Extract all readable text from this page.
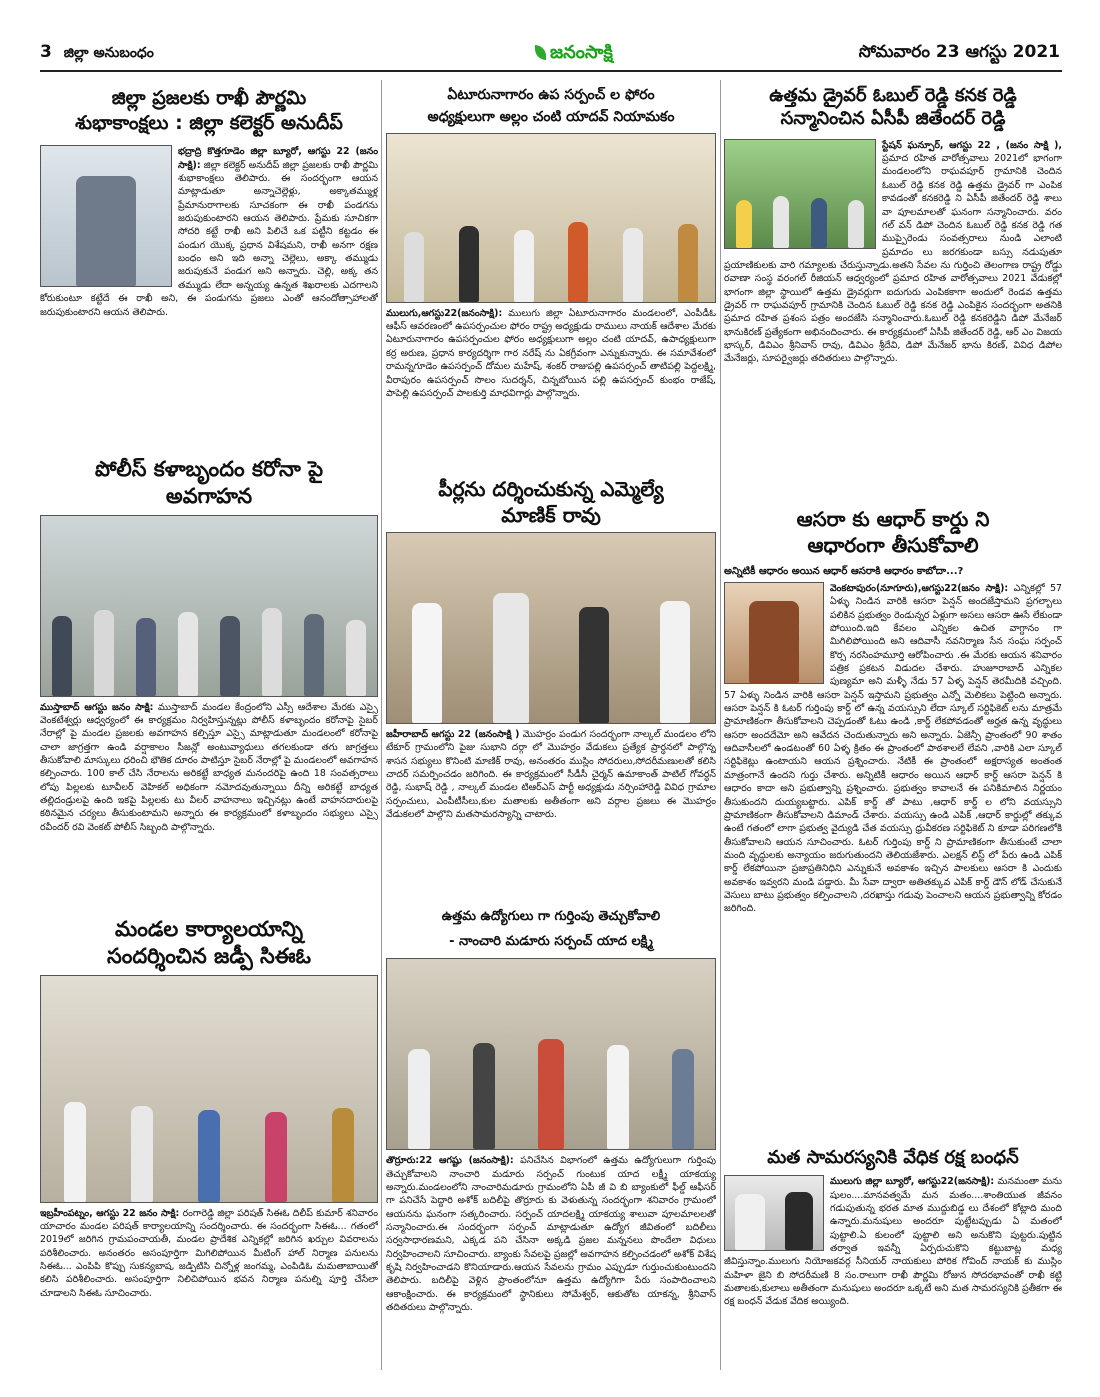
3 జిల్లా అనుబంధం	జనంసాక్షి	సోమవారం 23 ఆగస్టు 2021
జిల్లా ప్రజలకు రాఖీ పౌర్ణమి
శుభాకాంక్షలు : జిల్లా కలెక్టర్ అనుదీప్

భద్రాద్రి కొత్తగూడెం జిల్లా బ్యూరో, ఆగస్టు 22 (జనం సాక్షి): జిల్లా కలెక్టర్ అనుదీప్ జిల్లా ప్రజలకు రాఖీ పౌర్ణమి శుభాకాంక్షలు తెలిపారు. ఈ సందర్భంగా ఆయన మాట్లాడుతూ అన్నాచెల్లెళ్లు, అక్కాతమ్ముళ్ల ప్రేమానురాగాలకు సూచకంగా ఈ రాఖీ పండగను జరుపుకుంటారని ఆయన తెలిపారు. ప్రేమకు సూచికగా సోదరి కట్టే రాఖీ అని పిలిచే ఒక పట్టీని కట్టడం ఈ పండుగ యొక్క ప్రధాన విశేషమని, రాఖీ అనగా రక్షణ బంధం అని ఇది అన్నా చెల్లెలు, అక్కా తమ్ముడు జరుపుకునే పండుగ అని అన్నారు. చెల్లి, అక్క తన తమ్ముడు లేదా అన్నయ్య ఉన్నత శిఖరాలకు ఎదగాలని కోరుకుంటూ కట్టేదే ఈ రాఖీ అని, ఈ పండుగను ప్రజలు ఎంతో ఆనందోత్సాహాలతో జరుపుకుంటారని ఆయన తెలిపారు.

పోలీస్ కళాబృందం కరోనా పై
అవగాహన

ముస్తాబాద్ ఆగస్టు జనం సాక్షి: ముస్తాబాద్ మండల కేంద్రంలోని ఎస్సీ ఆదేశాల మేరకు ఎస్సై వెంకటేశ్వర్లు ఆధ్వర్యంలో ఈ కార్యక్రమం నిర్వహిస్తున్నట్లు పోలీస్ కళాబృందం కరోనాపై సైబర్ నేరాల్లో పై మండల ప్రజలకు అవగాహన కల్పిస్తూ ఎస్సై మాట్లాడుతూ మండలంలో కరోనాపై చాలా జాగ్రత్తగా ఉండి వర్షాకాలం సీజన్లో అంటువ్యాధులు తగలకుండా తగు జాగ్రత్తలు తీసుకోవాలి మాస్కులు ధరించి భౌతిక దూరం పాటిస్తూ సైబర్ నేరాల్లో పై మండలంలో అవగాహన కల్పించారు. 100 కాల్ చేసి నేరాలను అరికట్టే బాధ్యత మనందరిపై ఉంది 18 సంవత్సరాలు లోపు పిల్లలకు టూవీలర్ వెహికల్ అధికంగా నమోదవుతున్నాయి దీన్ని అరికట్టే బాధ్యత తల్లిదండ్రులపై ఉంది ఇకపై పిల్లలకు టు వీలర్ వాహనాలు ఇచ్చినట్లు ఉంటే వాహనదారులపై కఠినమైన చర్యలు తీసుకుంటామని అన్నారు ఈ కార్యక్రమంలో కళాబృందం సభ్యులు ఎస్సై రవీందర్ రవి వెంకట్ పోలీస్ సిబ్బంది పాల్గొన్నారు.

మండల కార్యాలయాన్ని
సందర్శించిన జడ్పీ సిఈఓ

ఇబ్రహీంపట్నం, ఆగస్టు 22 జనం సాక్షి: రంగారెడ్డి జిల్లా పరిషత్ సిఈఓ దిలీప్ కుమార్ శనివారం యాచారం మండల పరిషత్ కార్యాలయాన్ని సందర్శించారు. ఈ సందర్భంగా సిఈఓ... గతంలో 2019లో జరిగిన గ్రామపంచాయతీ, మండల ప్రాదేశిక ఎన్నికల్లో జరిగిన ఖర్చుల వివరాలను పరిశీలించారు. అనంతరం అసంపూర్తిగా మిగిలిపోయిన మీటింగ్ హాల్ నిర్మాణ పనులను సిఈఓ... ఎంపిపి కొప్పు సుకన్యబాష, జడ్పిటిసి చిన్నోళ్ల జంగమ్మ, ఎంపిడిఓ మమతాబాయితో కలిసి పరిశీలించారు. అసంపూర్తిగా నిలిచిపోయిన భవన నిర్మాణ పనుల్ని పూర్తి చేసేలా చూడాలని సిఈఓ సూచించారు.

ఏటూరునాగారం ఉప సర్పంచ్ ల ఫోరం
అధ్యక్షులుగా అల్లం చంటి యాదవ్ నియామకం

ములుగు,ఆగస్టు22(జనంసాక్షి): ములుగు జిల్లా ఏటూరునాగారం మండలంలో, ఎంపీడీఓ ఆఫీస్ ఆవరణంలో ఉపసర్పంచుల ఫోరం రాష్ట్ర అధ్యక్షుడు రాములు నాయక్ ఆదేశాల మేరకు ఏటూరునాగారం ఉపసర్పంచుల ఫోరం అధ్యక్షులుగా అల్లం చంటి యాదవ్, ఉపాధ్యక్షులుగా కర్ర అరుణ, ప్రధాన కార్యదర్శిగా గార నరేష్ ను ఏకగ్రీవంగా ఎన్నుకున్నారు. ఈ సమావేశంలో రామన్నగూడెం ఉపసర్పంచ్ దోమల మహేష్, శంకర్ రాజుపల్లి ఉపసర్పంచ్ తాటిపల్లి పెద్దలక్ష్మి, వీరాపురం ఉపసర్పంచ్ సొలం సుదర్శన్, చిన్నబోయిన పల్లి ఉపసర్పంచ్ కుంభం రాజేష్, పాపెల్లి ఉపసర్పంచ్ పాలకుర్తి మాధవిగార్లు పాల్గొన్నారు.

పీర్లను దర్శించుకున్న ఎమ్మెల్యే
మాణిక్ రావు

జహీరాబాద్ ఆగస్టు 22 (జనంసాక్షి ) మొహర్రం పండుగ సందర్భంగా నాల్కల్ మండలం లోని టేకూర్ గ్రామంలోని పైజు సుభాని దర్గా లో మొహర్రం వేడుకలు ప్రత్యేక ప్రార్ధనలో పాల్గొన్న శాసన సభ్యులు కొనింటి మాణిక్ రావు, అనంతరం ముస్లిం సోదరులు,సోదరీమణులతో కలిసి చాదర్ సమర్పించడం జరిగింది. ఈ కార్యక్రమంలో సీడీసీ చైర్మన్ ఉమాకాంత్ పాటిల్ గోవర్ధన్ రెడ్డి, సుభాష్ రెడ్డి , నాల్కల్ మండల టిఆర్ఎస్ పార్టీ అధ్యక్షుడు నర్సింహారెడ్డి వివిధ గ్రామాల సర్పంచులు, ఎంపీటీసీలు,కుల మతాలకు అతీతంగా అని వర్గాల ప్రజలు ఈ మొహర్రం వేడుకలలో పాల్గొని మతసామరస్యాన్ని చాటారు.

ఉత్తమ ఉద్యోగులు గా గుర్తింపు తెచ్చుకోవాలి
- నాంచారి మడూరు సర్పంచ్ యాద లక్ష్మి

తొర్రూరు:22 ఆగష్టు (జనంసాక్షి): పనిచేసిన విభాగంలో ఉత్తమ ఉద్యోగులుగా గుర్తింపు తెచ్చుకోవాలని నాంచారి మడూరు సర్పంచ్ గుంటుక యాద లక్ష్మీ యాకయ్య అన్నారు.మండలంలోని నాంచారిమడూరు గ్రామంలోని ఏపీ జీ వి బి బ్యాంకులో ఫీల్డ్ ఆఫీసర్ గా పనిచేసే పెద్దారి అశోక్ బదిలీపై తొర్రూరు కు వెళుతున్న సందర్భంగా శనివారం గ్రామంలో ఆయనను ఘనంగా సత్కరించారు. సర్పంచ్ యాదలక్ష్మి యాకయ్య శాలువా పూలమాలలతో సన్మానించారు.ఈ సందర్భంగా సర్పంచ్ మాట్లాడుతూ ఉద్యోగ జీవితంలో బదిలీలు సర్వసాధారణమని, ఎక్కడ పని చేసినా అక్కడి ప్రజల మన్ననలు పొందేలా విధులు నిర్వహించాలని సూచించారు. బ్యాంకు సేవలపై ప్రజల్లో అవగాహన కల్పించడంలో అశోక్ విశేష కృషి నిర్వహించాడని కొనియాడారు.ఆయన సేవలను గ్రామం ఎప్పుడూ గుర్తుంచుకుంటుందని తెలిపారు. బదిలీపై వెళ్లిన ప్రాంతంలోనూ ఉత్తమ ఉద్యోగిగా పేరు సంపాదించాలని ఆకాంక్షించారు. ఈ కార్యక్రమంలో స్థానికులు సోమేశ్వర్, ఆకుతోట యాకన్న, శ్రీనివాస్ తదితరులు పాల్గొన్నారు.

ఉత్తమ డ్రైవర్ ఓబుల్ రెడ్డి కనక రెడ్డి
సన్మానించిన ఏసీపీ జితేందర్ రెడ్డి

స్టేషన్ ఘన్పూర్, ఆగస్టు 22 , (జనం సాక్షి ), ప్రమాద రహిత వారోత్సవాలు 2021లో భాగంగా మండలంలోని రాఘవపూర్ గ్రామానికి చెందిన ఓబుల్ రెడ్డి కనక రెడ్డి ఉత్తమ డ్రైవర్ గా ఎంపిక కావడంతో కనకరెడ్డి ని ఏసీపీ జితేందర్ రెడ్డి శాలు వా పూలమాలతో ఘనంగా సన్మానించారు. వరం గల్ వన్ డిపో చెందిన ఓబుల్ రెడ్డి కనక రెడ్డి గత ముప్పైరెండు సంవత్సరాలు నుండి ఎలాంటి ప్రమాదం లు జరగకుండా బస్సు నడుపుతూ ప్రయాణికులకు వారి గమ్యాలకు చేరుస్తున్నాడు.అతని సేవల ను గుర్తించి తెలంగాణ రాష్ట్ర రోడ్డు రవాణా సంస్థ వరంగల్ రీజియన్ ఆధ్వర్యంలో ప్రమాద రహిత వారోత్సవాలు 2021 వేడుకల్లో భాగంగా జిల్లా స్థాయిలో ఉత్తమ డ్రైవర్లుగా ఐదుగురు ఎంపికకాగా అందులో రెండవ ఉత్తమ డ్రైవర్ గా రాఘవపూర్ గ్రామానికి చెందిన ఓబుల్ రెడ్డి కనక రెడ్డి ఎంపికైన సందర్భంగా అతనికి ప్రమాద రహిత ప్రశంస పత్రం అందజేసి సన్మానించారు.ఓబుల్ రెడ్డి కనకరెడ్డిని డిపో మేనేజర్ భానుకిరణ్ ప్రత్యేకంగా అభినందించారు. ఈ కార్యక్రమంలో ఏసీపీ జితేందర్ రెడ్డి, ఆర్ ఎం విజయ భాస్కర్, డివిఎం శ్రీనివాస్ రావు, డివిఎం శ్రీదేవి, డిపో మేనేజర్ భాను కిరణ్, వివిధ డిపోల మేనేజర్లు, సూపర్వైజర్లు తదితరులు పాల్గొన్నారు.

ఆసరా కు ఆధార్ కార్డు ని
ఆధారంగా తీసుకోవాలి

అన్నిటికీ ఆధారం అయిన ఆధార్ ఆసరాకి ఆధారం కాబోదా...?

వెంకటాపురం(నూగూరు),ఆగస్టు22(జనం సాక్షి): ఎన్నికల్లో 57 ఏళ్ళు నిండిన వారికి ఆసరా పెన్షన్ అందజేస్తామని ప్రగల్బాలు పలికిన ప్రభుత్వం రెండున్నర ఏళ్లుగా అసలు ఆసరా ఊసే లేకుండా పోయింది.ఇది కేవలం ఎన్నికల ఉచిత వాగ్దానం గా మిగిలిపోయింది అని ఆదివాసీ నవనిర్మాణ సేన సంఘ సర్పంచ్ కొర్స నరసింహమూర్తి ఆరోపించారు .ఈ మేరకు ఆయన శనివారం పత్రిక ప్రకటన విడుదల చేశారు. హుజూరాబాద్ ఎన్నికల పుణ్యమా అని మళ్ళీ నేడు 57 ఏళ్ళ పెన్షన్ తెరమీదికి వచ్చింది. 57 ఏళ్ళు నిండిన వారికి ఆసరా పెన్షన్ ఇస్తామని ప్రభుత్వం ఎన్నో మెలికలు పెట్టింది అన్నారు. ఆసరా పెన్షన్ కి ఓటర్ గుర్తింపు కార్డ్ లో ఉన్న వయస్సుని లేదా స్కూల్ సర్టిఫికెట్ లను మాత్రమే ప్రామాణికంగా తీసుకోవాలని చెప్పడంతో ఓటు ఉండి ,కార్డ్ లేకపోవడంతో అర్హత ఉన్న వృద్ధులు ఆసరా అందదేమో అని ఆవేదన చెందుతున్నారు అని అన్నారు. ఏజెన్సీ ప్రాంతంలో 90 శాతం ఆదివాసీలలో ఉండటంతో 60 ఏళ్ళ క్రితం ఈ ప్రాంతంలో పాఠశాలలే లేవని ,వారికి ఎలా స్కూల్ సర్టిఫికెట్లు ఉంటాయని ఆయన ప్రశ్నించారు. నేటికీ ఈ ప్రాంతంలో అక్షరాస్యత అంతంత మాత్రంగానే ఉందని గుర్తు చేశారు. అన్నిటికీ ఆధారం అయిన ఆధార్ కార్డ్ ఆసరా పెన్షన్ కి ఆధారం కాదా అని ప్రభుత్వాన్ని ప్రశ్నించారు. ప్రభుత్వం కావాలనే ఈ పనికిమాలిన నిర్ణయం తీసుకుందని దుయ్యబట్టారు. ఎపిక్ కార్డ్ తో పాటు ,ఆధార్ కార్డ్ ల లోని వయస్సుని ప్రామాణికంగా తీసుకోవాలని డిమాండ్ చేశారు. వయస్సు ఉండి ఎపిక్ ,ఆధార్ కార్డుల్లో తక్కువ ఉంటే గతంలో లాగా ప్రభుత్వ వైద్యుడి చేత వయస్సు ధ్రువీకరణ సర్టిఫికెట్ ని కూడా పరిగణలోకి తీసుకోవాలని ఆయన సూచించారు. ఓటర్ గుర్తింపు కార్డ్ ని ప్రామాణికంగా తీసుకుంటే చాలా మంది వృద్ధులకు అన్యాయం జరుగుతుందని తెలియజేశారు. ఎలక్షన్ లిస్ట్ లో పేరు ఉండి ఎపిక్ కార్డ్ లేకపోయినా ప్రజాప్రతినిధిని ఎన్నుకునే అవకాశం ఇచ్చిన పాలకులు ఆసరా కి ఎందుకు అవకాశం ఇవ్వరని మండి పడ్డారు. మీ సేవా ద్వారా అతితక్కువ ఎపిక్ కార్డ్ డౌన్ లోడ్ చేసుకునే వెసులు బాటు ప్రభుత్వం కల్పించాలని ,దరఖాస్తు గడువు పెంచాలని ఆయన ప్రభుత్వాన్ని కోరడం జరిగింది.

మత సామరస్యనికి వేధిక రక్ష బంధన్

ములుగు జిల్లా బ్యూరో, ఆగస్టు22(జనసాక్షి): మనమంతా మను షులం....మానవత్వమే మన మతం....శాంతియుత జీవనం గడుపుతున్న భరత మాత ముద్దుబిడ్డ లు దేశంలో కోట్లాది మంది ఉన్నారు.మనుషులు అందరూ పుట్టేటప్పుడు ఏ మతంలో పుట్టాలి.ఏ కులంలో పుట్టాలి అని అనుకొని పుట్టరు.పుట్టిన తర్వాత ఇవన్నీ ఏర్పరుచుకొని కట్టుబాట్ల మధ్య జీవిస్తున్నాం.ములుగు నియోజకవర్గ సీనియర్ నాయకులు పోరిక గోవింద్ నాయక్ కు ముస్లిం మహిళా జైని బి సోదరీమణి 8 సం.రాలుగా రాఖీ పౌర్ణమి రోజున సోదరభావంతో రాఖీ కట్టి మతాలకు,కులాలు అతీతంగా మనుషులు అందరూ ఒక్కటే అని మత సామరస్యనికి ప్రతీకగా ఈ రక్ష బంధన్ వేడుక వేదిక అయ్యింది.
